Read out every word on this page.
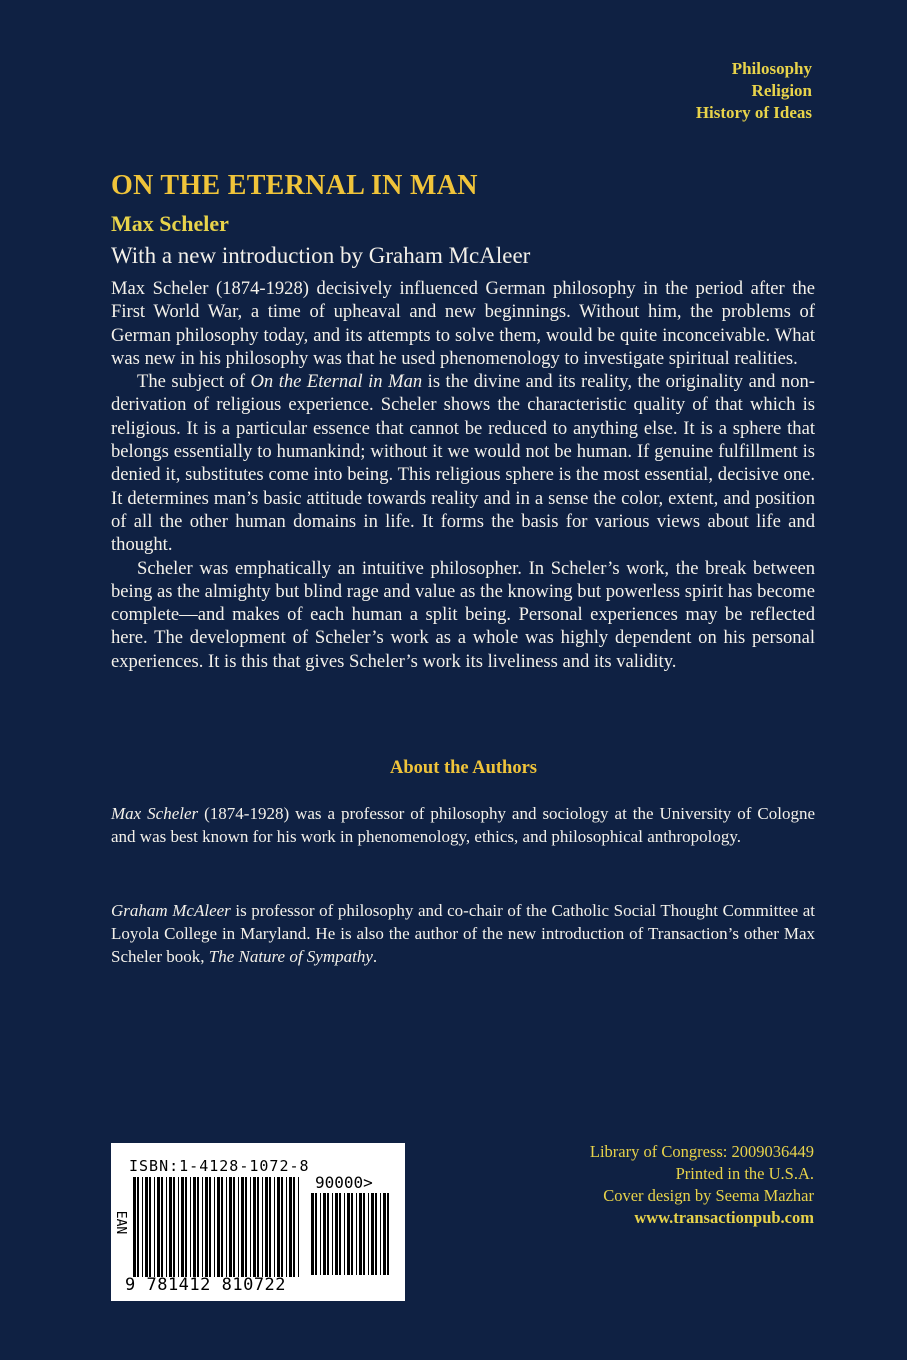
Philosophy
Religion
History of Ideas
ON THE ETERNAL IN MAN
Max Scheler
With a new introduction by Graham McAleer

Max Scheler (1874-1928) decisively influenced German philosophy in the period after the First World War, a time of upheaval and new beginnings. Without him, the problems of German philosophy today, and its attempts to solve them, would be quite inconceivable. What was new in his philosophy was that he used phenomenology to investigate spiritual realities.

The subject of On the Eternal in Man is the divine and its reality, the originality and non-derivation of religious experience. Scheler shows the characteristic quality of that which is religious. It is a particular essence that cannot be reduced to anything else. It is a sphere that belongs essentially to humankind; without it we would not be human. If genuine fulfillment is denied it, substitutes come into being. This religious sphere is the most essential, decisive one. It determines man’s basic attitude towards reality and in a sense the color, extent, and position of all the other human domains in life. It forms the basis for various views about life and thought.

Scheler was emphatically an intuitive philosopher. In Scheler’s work, the break between being as the almighty but blind rage and value as the knowing but powerless spirit has become complete—and makes of each human a split being. Personal experiences may be reflected here. The development of Scheler’s work as a whole was highly dependent on his personal experiences. It is this that gives Scheler’s work its liveliness and its validity.

About the Authors
Max Scheler (1874-1928) was a professor of philosophy and sociology at the University of Cologne and was best known for his work in phenomenology, ethics, and philosophical anthropology.
Graham McAleer is professor of philosophy and co-chair of the Catholic Social Thought Committee at Loyola College in Maryland. He is also the author of the new introduction of Transaction’s other Max Scheler book, The Nature of Sympathy.
ISBN:1-4128-1072-8
EAN
90000>
9 781412 810722
Library of Congress: 2009036449
Printed in the U.S.A.
Cover design by Seema Mazhar
www.transactionpub.com
